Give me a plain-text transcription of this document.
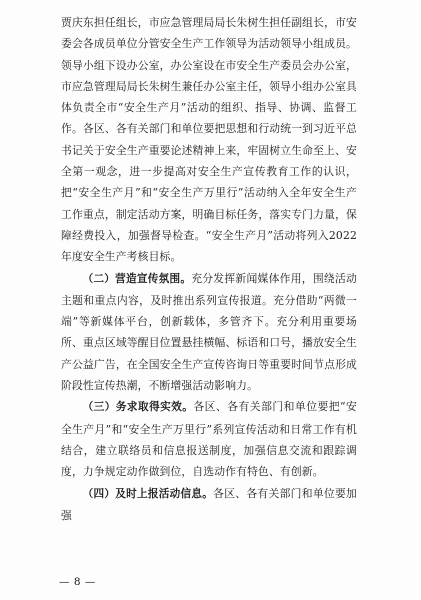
贾庆东担任组长，市应急管理局局长朱树生担任副组长，市安委会各成员单位分管安全生产工作领导为活动领导小组成员。领导小组下设办公室，办公室设在市安全生产委员会办公室，市应急管理局局长朱树生兼任办公室主任，领导小组办公室具体负责全市“安全生产月”活动的组织、指导、协调、监督工作。各区、各有关部门和单位要把思想和行动统一到习近平总书记关于安全生产重要论述精神上来，牢固树立生命至上、安全第一观念，进一步提高对安全生产宣传教育工作的认识，把“安全生产月”和“安全生产万里行”活动纳入全年安全生产工作重点，制定活动方案，明确目标任务，落实专门力量，保障经费投入，加强督导检查。“安全生产月”活动将列入2022年度安全生产考核目标。

（二）营造宣传氛围。充分发挥新闻媒体作用，围绕活动主题和重点内容，及时推出系列宣传报道。充分借助“两微一端”等新媒体平台，创新载体，多管齐下。充分利用重要场所、重点区域等醒目位置悬挂横幅、标语和口号，播放安全生产公益广告，在全国安全生产宣传咨询日等重要时间节点形成阶段性宣传热潮，不断增强活动影响力。

（三）务求取得实效。各区、各有关部门和单位要把“安全生产月”和“安全生产万里行”系列宣传活动和日常工作有机结合，建立联络员和信息报送制度，加强信息交流和跟踪调度，力争规定动作做到位，自选动作有特色、有创新。

（四）及时上报活动信息。各区、各有关部门和单位要加强

— 8 —
